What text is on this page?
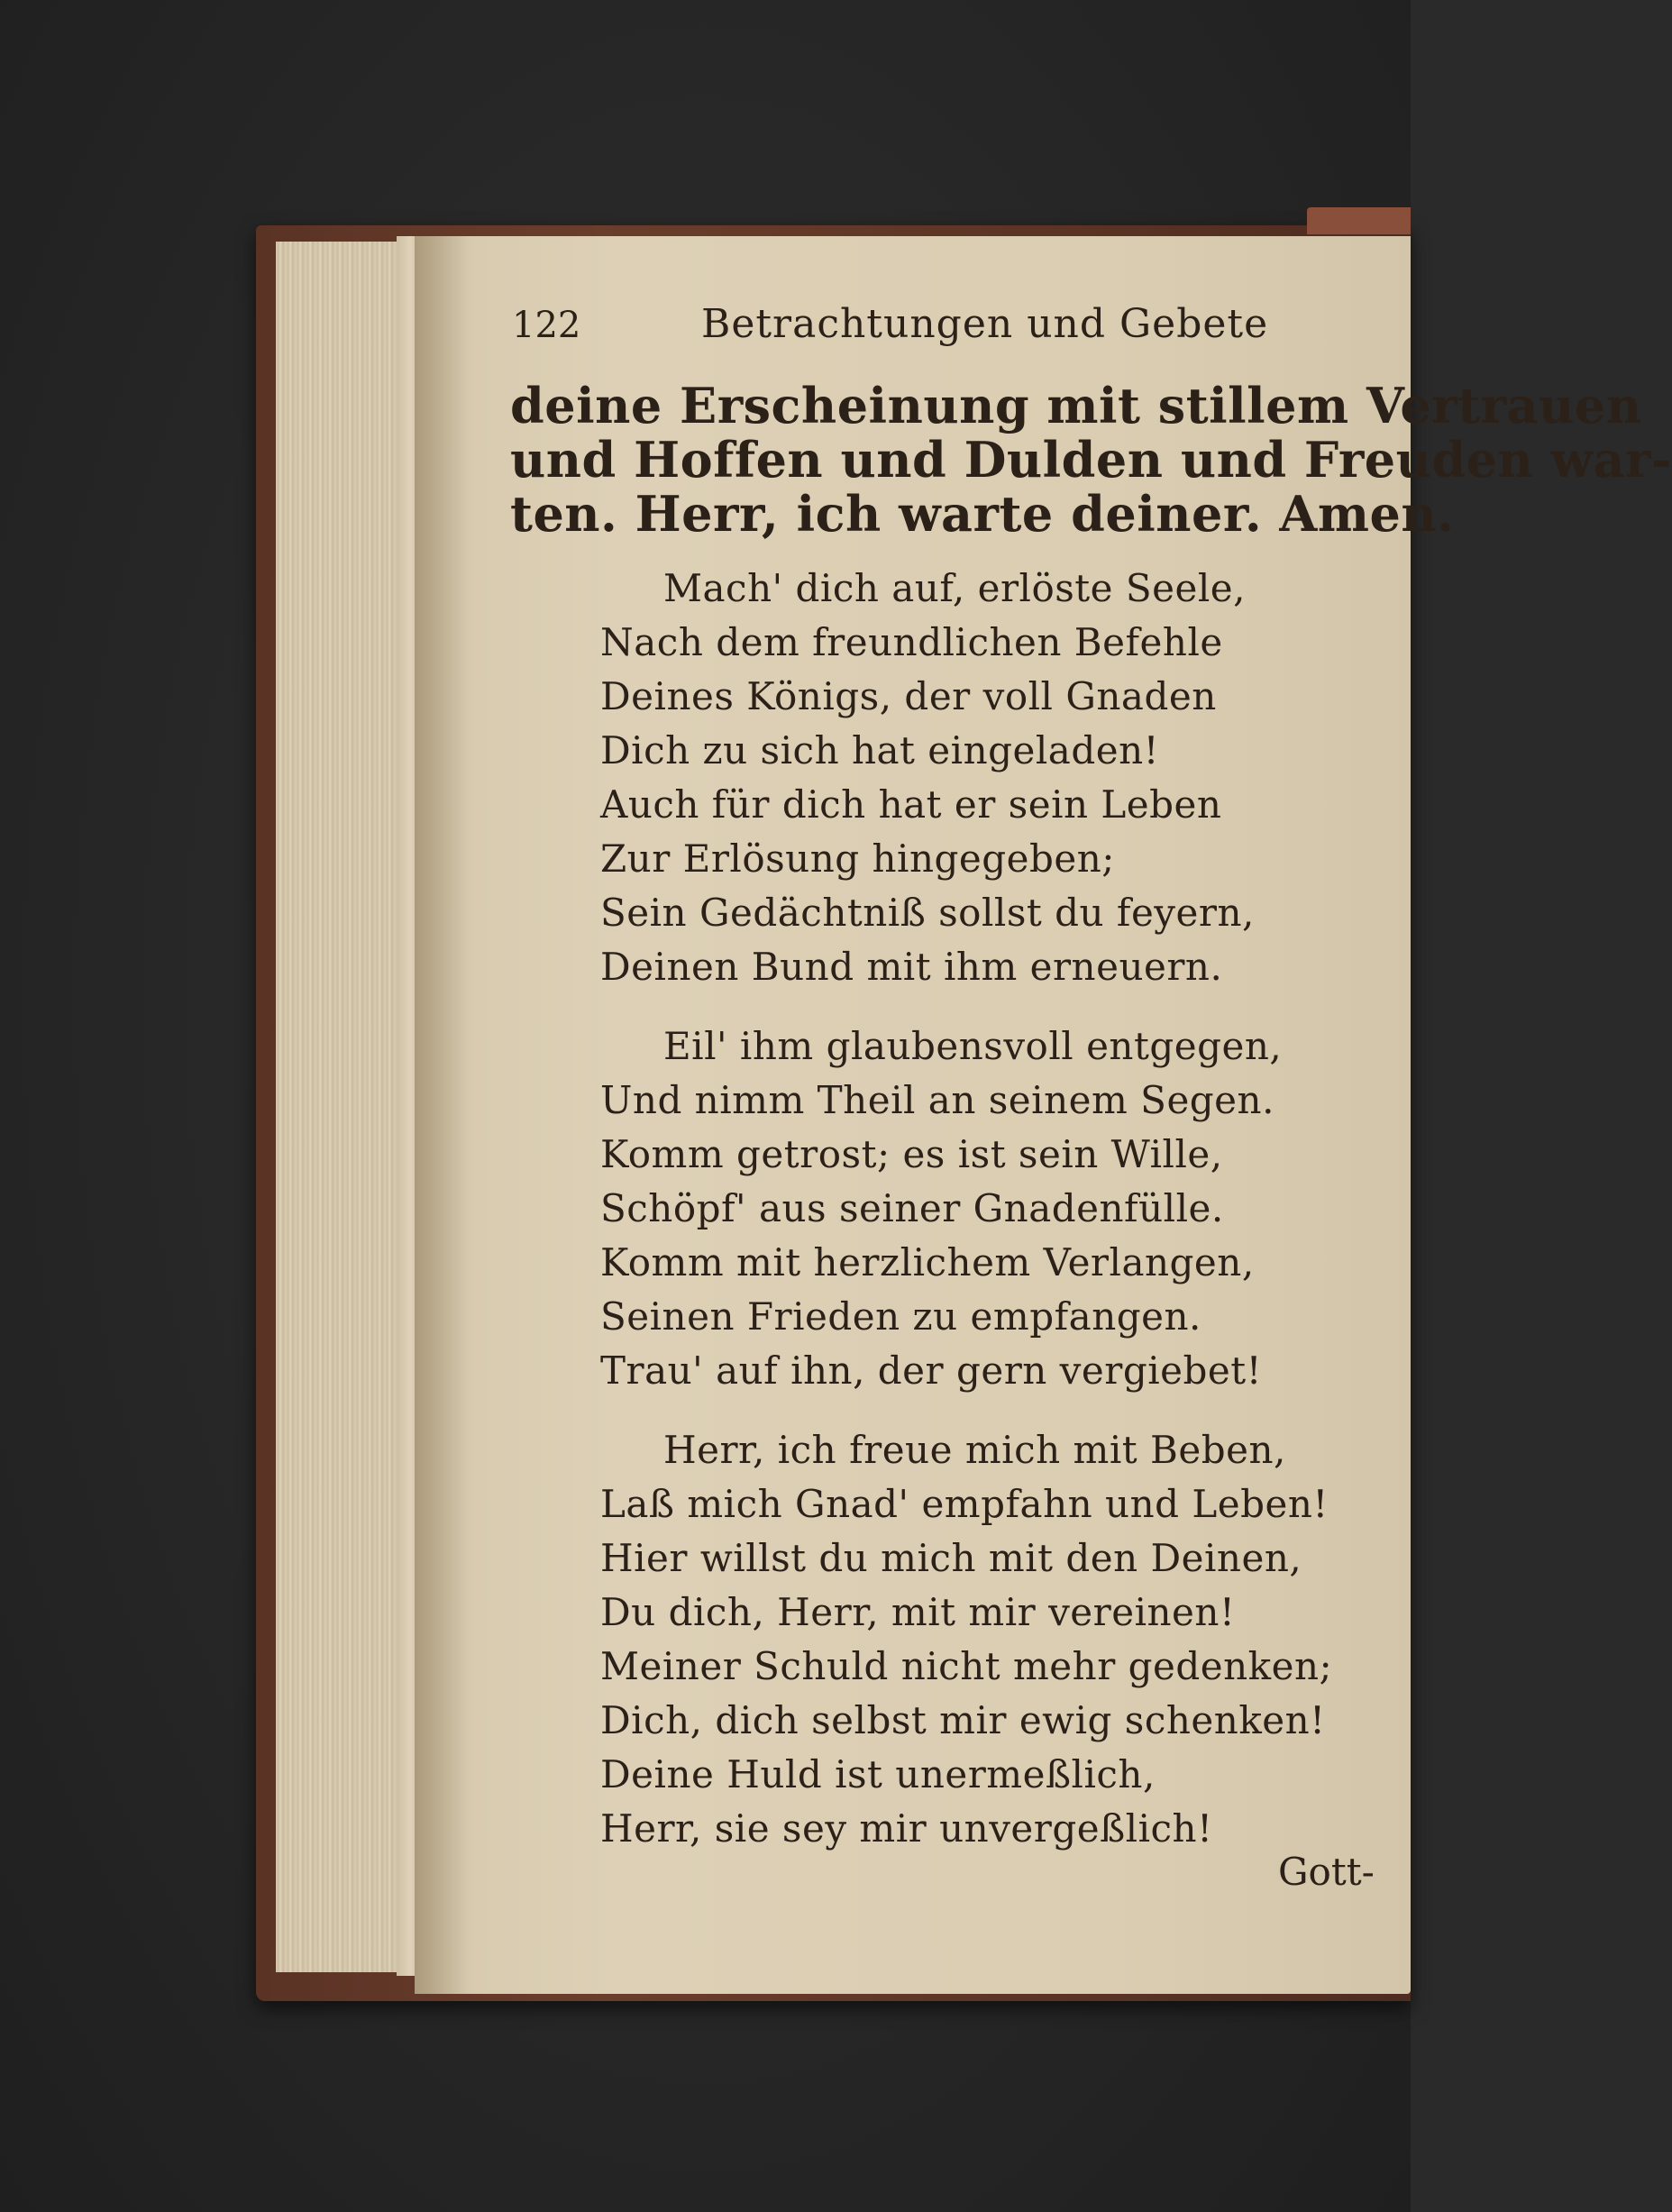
122	Betrachtungen und Gebete
deine Erscheinung mit stillem Vertrauen
und Hoffen und Dulden und Freuden war-
ten. Herr, ich warte deiner. Amen.
Mach' dich auf, erlöste Seele,
Nach dem freundlichen Befehle
Deines Königs, der voll Gnaden
Dich zu sich hat eingeladen!
Auch für dich hat er sein Leben
Zur Erlösung hingegeben;
Sein Gedächtniß sollst du feyern,
Deinen Bund mit ihm erneuern.
Eil' ihm glaubensvoll entgegen,
Und nimm Theil an seinem Segen.
Komm getrost; es ist sein Wille,
Schöpf' aus seiner Gnadenfülle.
Komm mit herzlichem Verlangen,
Seinen Frieden zu empfangen.
Trau' auf ihn, der gern vergiebet!
Herr, ich freue mich mit Beben,
Laß mich Gnad' empfahn und Leben!
Hier willst du mich mit den Deinen,
Du dich, Herr, mit mir vereinen!
Meiner Schuld nicht mehr gedenken;
Dich, dich selbst mir ewig schenken!
Deine Huld ist unermeßlich,
Herr, sie sey mir unvergeßlich!
Gott-
